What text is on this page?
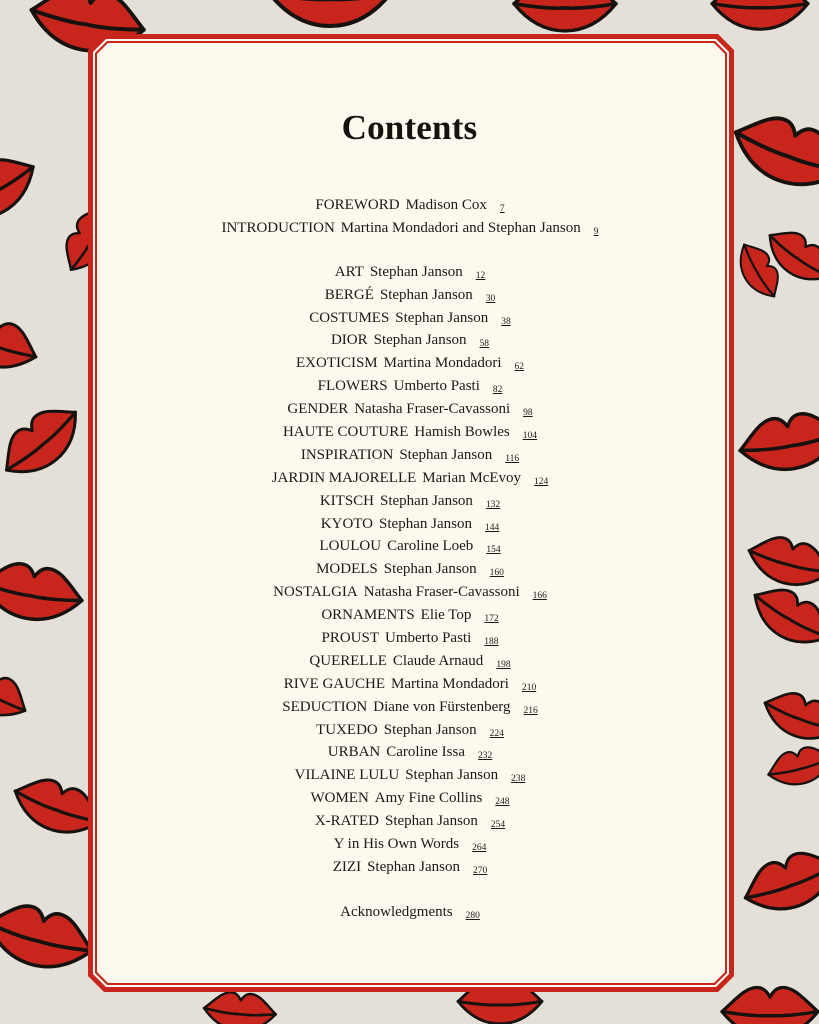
Contents
FOREWORD Madison Cox 7
INTRODUCTION Martina Mondadori and Stephan Janson 9
ART Stephan Janson 12
BERGÉ Stephan Janson 30
COSTUMES Stephan Janson 38
DIOR Stephan Janson 58
EXOTICISM Martina Mondadori 62
FLOWERS Umberto Pasti 82
GENDER Natasha Fraser-Cavassoni 98
HAUTE COUTURE Hamish Bowles 104
INSPIRATION Stephan Janson 116
JARDIN MAJORELLE Marian McEvoy 124
KITSCH Stephan Janson 132
KYOTO Stephan Janson 144
LOULOU Caroline Loeb 154
MODELS Stephan Janson 160
NOSTALGIA Natasha Fraser-Cavassoni 166
ORNAMENTS Elie Top 172
PROUST Umberto Pasti 188
QUERELLE Claude Arnaud 198
RIVE GAUCHE Martina Mondadori 210
SEDUCTION Diane von Fürstenberg 216
TUXEDO Stephan Janson 224
URBAN Caroline Issa 232
VILAINE LULU Stephan Janson 238
WOMEN Amy Fine Collins 248
X-RATED Stephan Janson 254
Y in His Own Words 264
ZIZI Stephan Janson 270
Acknowledgments 280
